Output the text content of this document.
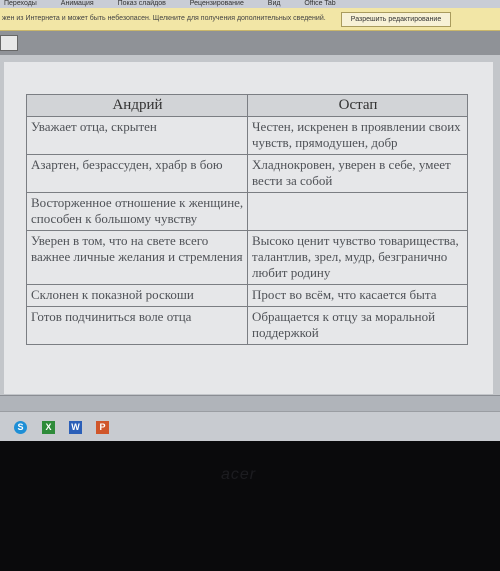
Переходы	Анимация	Показ слайдов	Рецензирование	Вид	Office Tab
жен из Интернета и может быть небезопасен. Щелкните для получения дополнительных сведений.	Разрешить редактирование
Андрий	Остап
Уважает отца, скрытен	Честен, искренен в проявлении своих чувств, прямодушен, добр
Азартен, безрассуден, храбр в бою	Хладнокровен, уверен в себе, умеет вести за собой
Восторженное отношение к женщине, способен к большому чувству	
Уверен в том, что на свете всего важнее личные желания и стремления	Высоко ценит чувство товарищества, талантлив, зрел, мудр, безгранично любит родину
Склонен к показной роскоши	Прост во всём, что касается быта
Готов подчиниться воле отца	Обращается к отцу за моральной поддержкой
S	X	W	P
acer
